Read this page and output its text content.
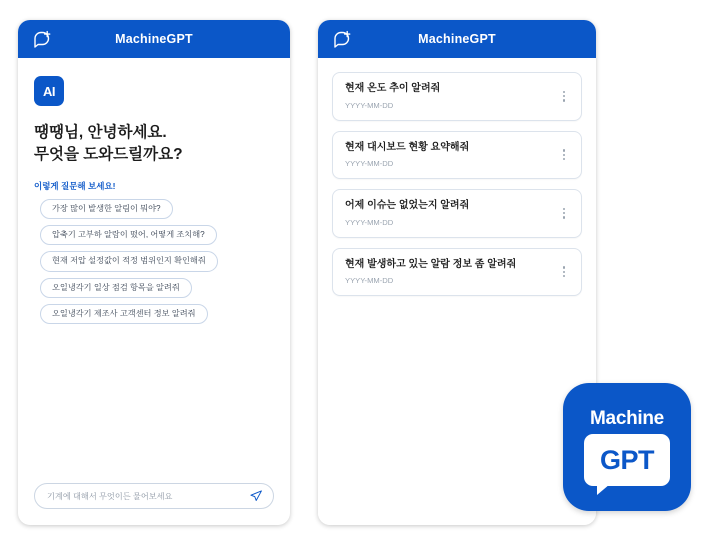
MachineGPT
AI
땡땡님, 안녕하세요.
무엇을 도와드릴까요?
이렇게 질문해 보세요!
가장 많이 발생한 알림이 뭐야?
압축기 고부하 알람이 떴어, 어떻게 조치해?
현재 저압 설정값이 적정 범위인지 확인해줘
오일냉각기 일상 점검 항목을 알려줘
오일냉각기 제조사 고객센터 정보 알려줘
기계에 대해서 무엇이든 물어보세요
MachineGPT
현재 온도 추이 알려줘
YYYY-MM-DD
현재 대시보드 현황 요약해줘
YYYY-MM-DD
어제 이슈는 없었는지 알려줘
YYYY-MM-DD
현재 발생하고 있는 알람 정보 좀 알려줘
YYYY-MM-DD
Machine
GPT
